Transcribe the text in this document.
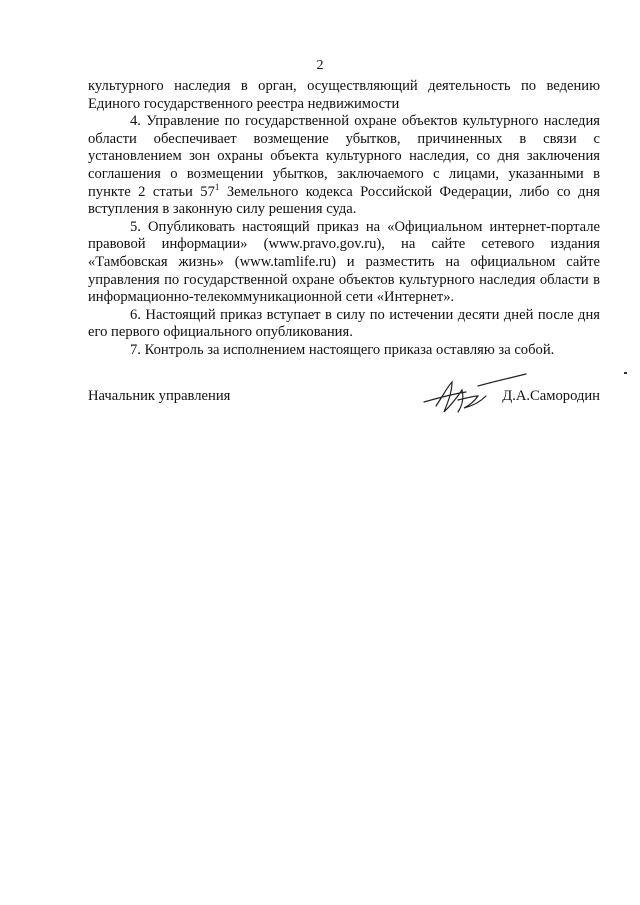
2

культурного наследия в орган, осуществляющий деятельность по ведению Единого государственного реестра недвижимости

4. Управление по государственной охране объектов культурного наследия области обеспечивает возмещение убытков, причиненных в связи с установлением зон охраны объекта культурного наследия, со дня заключения соглашения о возмещении убытков, заключаемого с лицами, указанными в пункте 2 статьи $57^1$ Земельного кодекса Российской Федерации, либо со дня вступления в законную силу решения суда.

5. Опубликовать настоящий приказ на «Официальном интернет-портале правовой информации» (www.pravo.gov.ru), на сайте сетевого издания «Тамбовская жизнь» (www.tamlife.ru) и разместить на официальном сайте управления по государственной охране объектов культурного наследия области в информационно-телекоммуникационной сети «Интернет».

6. Настоящий приказ вступает в силу по истечении десяти дней после дня его первого официального опубликования.

7. Контроль за исполнением настоящего приказа оставляю за собой.

Начальник управления	Д.А.Самородин
